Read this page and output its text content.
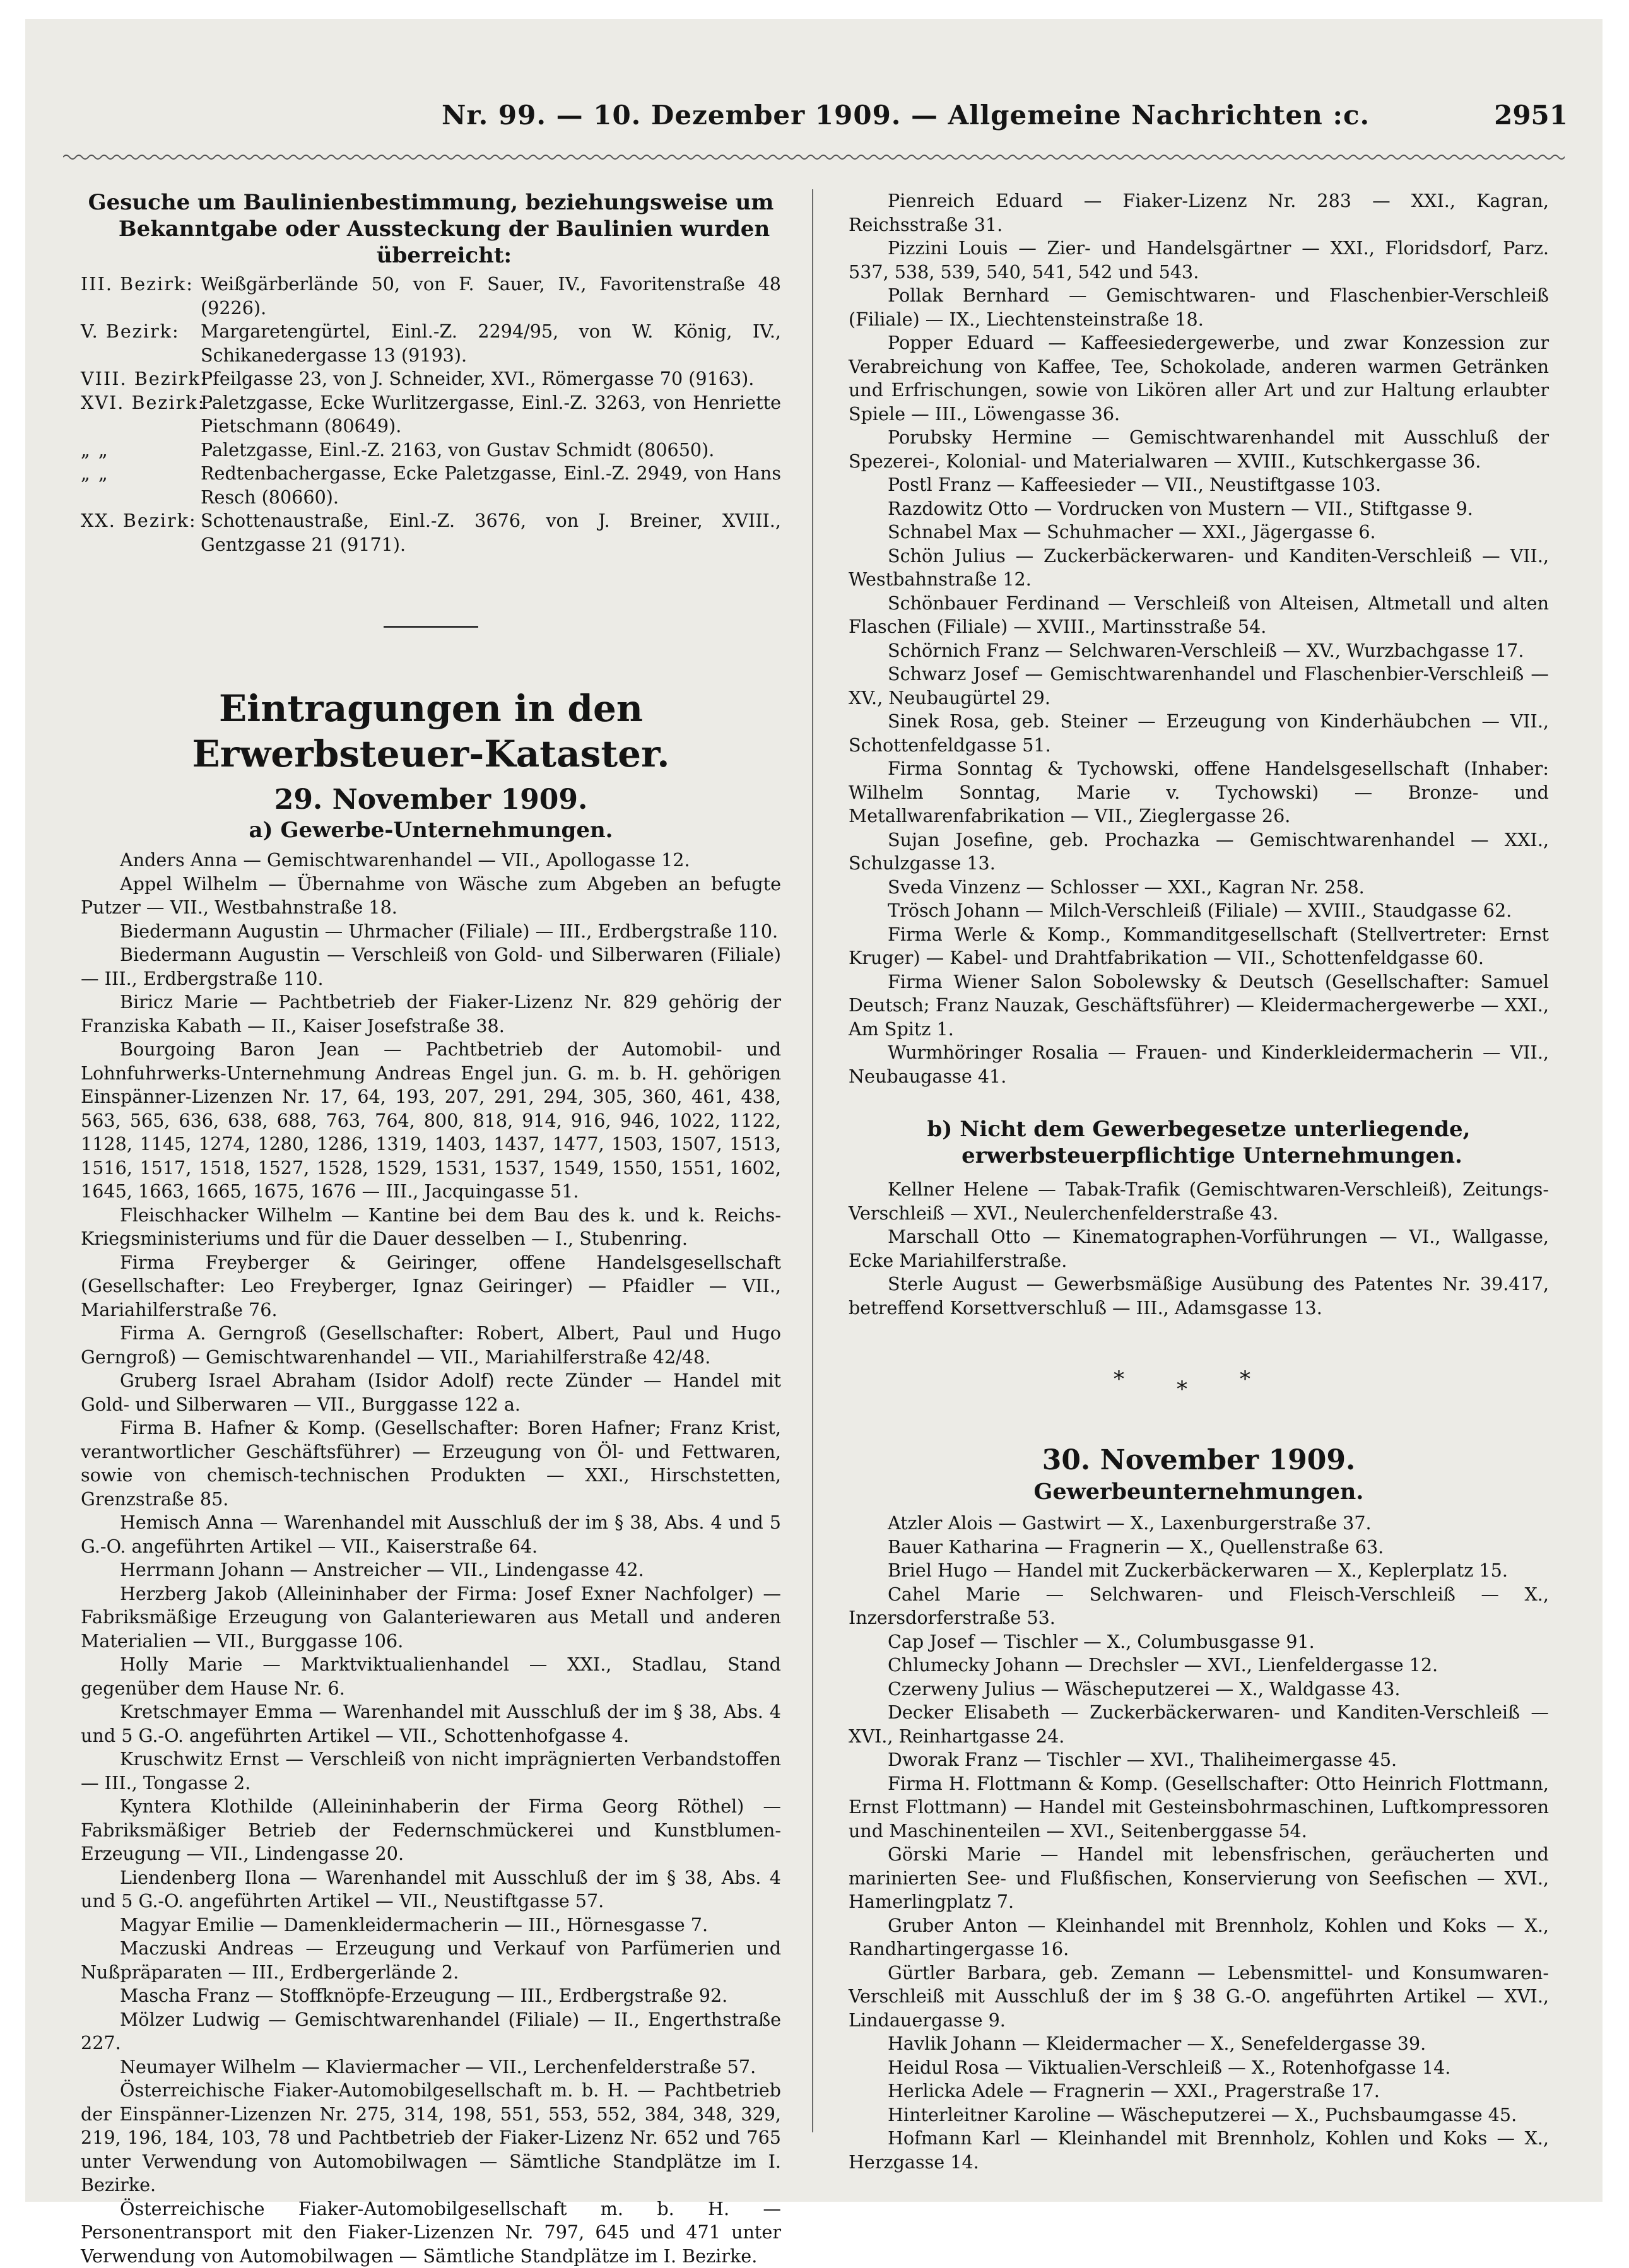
Nr. 99. — 10. Dezember 1909. — Allgemeine Nachrichten :c.	2951

Gesuche um Baulinienbestimmung, beziehungsweise um Bekanntgabe oder Aussteckung der Baulinien wurden überreicht:

III. Bezirk: Weißgärberlände 50, von F. Sauer, IV., Favoritenstraße 48 (9226).
V. Bezirk:	Margaretengürtel, Einl.-Z. 2294/95, von W. König, IV., Schikanedergasse 13 (9193).
VIII. Bezirk:
Pfeilgasse 23, von J. Schneider, XVI., Römergasse 70 (9163).
XVI. Bezirk:
Paletzgasse, Ecke Wurlitzergasse, Einl.-Z. 3263, von Henriette Pietschmann (80649).
„ „	Paletzgasse, Einl.-Z. 2163, von Gustav Schmidt (80650).
„ „	Redtenbachergasse, Ecke Paletzgasse, Einl.-Z. 2949, von Hans Resch (80660).
XX. Bezirk: Schottenaustraße, Einl.-Z. 3676, von J. Breiner, XVIII., Gentzgasse 21 (9171).

Eintragungen in den Erwerbsteuer-Kataster.

29. November 1909.

a) Gewerbe-Unternehmungen.

Anders Anna — Gemischtwarenhandel — VII., Apollogasse 12.

Appel Wilhelm — Übernahme von Wäsche zum Abgeben an befugte Putzer — VII., Westbahnstraße 18.

Biedermann Augustin — Uhrmacher (Filiale) — III., Erdbergstraße 110.

Biedermann Augustin — Verschleiß von Gold- und Silberwaren (Filiale) — III., Erdbergstraße 110.

Biricz Marie — Pachtbetrieb der Fiaker-Lizenz Nr. 829 gehörig der Franziska Kabath — II., Kaiser Josefstraße 38.

Bourgoing Baron Jean — Pachtbetrieb der Automobil- und Lohnfuhrwerks-Unternehmung Andreas Engel jun. G. m. b. H. gehörigen Einspänner-Lizenzen Nr. 17, 64, 193, 207, 291, 294, 305, 360, 461, 438, 563, 565, 636, 638, 688, 763, 764, 800, 818, 914, 916, 946, 1022, 1122, 1128, 1145, 1274, 1280, 1286, 1319, 1403, 1437, 1477, 1503, 1507, 1513, 1516, 1517, 1518, 1527, 1528, 1529, 1531, 1537, 1549, 1550, 1551, 1602, 1645, 1663, 1665, 1675, 1676 — III., Jacquingasse 51.

Fleischhacker Wilhelm — Kantine bei dem Bau des k. und k. Reichs-Kriegsministeriums und für die Dauer desselben — I., Stubenring.

Firma Freyberger & Geiringer, offene Handelsgesellschaft (Gesellschafter: Leo Freyberger, Ignaz Geiringer) — Pfaidler — VII., Mariahilferstraße 76.

Firma A. Gerngroß (Gesellschafter: Robert, Albert, Paul und Hugo Gerngroß) — Gemischtwarenhandel — VII., Mariahilferstraße 42/48.

Gruberg Israel Abraham (Isidor Adolf) recte Zünder — Handel mit Gold- und Silberwaren — VII., Burggasse 122 a.

Firma B. Hafner & Komp. (Gesellschafter: Boren Hafner; Franz Krist, verantwortlicher Geschäftsführer) — Erzeugung von Öl- und Fettwaren, sowie von chemisch-technischen Produkten — XXI., Hirschstetten, Grenzstraße 85.

Hemisch Anna — Warenhandel mit Ausschluß der im § 38, Abs. 4 und 5 G.-O. angeführten Artikel — VII., Kaiserstraße 64.

Herrmann Johann — Anstreicher — VII., Lindengasse 42.

Herzberg Jakob (Alleininhaber der Firma: Josef Exner Nachfolger) — Fabriksmäßige Erzeugung von Galanteriewaren aus Metall und anderen Materialien — VII., Burggasse 106.

Holly Marie — Marktviktualienhandel — XXI., Stadlau, Stand gegenüber dem Hause Nr. 6.

Kretschmayer Emma — Warenhandel mit Ausschluß der im § 38, Abs. 4 und 5 G.-O. angeführten Artikel — VII., Schottenhofgasse 4.

Kruschwitz Ernst — Verschleiß von nicht imprägnierten Verbandstoffen — III., Tongasse 2.

Kyntera Klothilde (Alleininhaberin der Firma Georg Röthel) — Fabriksmäßiger Betrieb der Federnschmückerei und Kunstblumen-Erzeugung — VII., Lindengasse 20.

Liendenberg Ilona — Warenhandel mit Ausschluß der im § 38, Abs. 4 und 5 G.-O. angeführten Artikel — VII., Neustiftgasse 57.

Magyar Emilie — Damenkleidermacherin — III., Hörnesgasse 7.

Maczuski Andreas — Erzeugung und Verkauf von Parfümerien und Nußpräparaten — III., Erdbergerlände 2.

Mascha Franz — Stoffknöpfe-Erzeugung — III., Erdbergstraße 92.

Mölzer Ludwig — Gemischtwarenhandel (Filiale) — II., Engerthstraße 227.

Neumayer Wilhelm — Klaviermacher — VII., Lerchenfelderstraße 57.

Österreichische Fiaker-Automobilgesellschaft m. b. H. — Pachtbetrieb der Einspänner-Lizenzen Nr. 275, 314, 198, 551, 553, 552, 384, 348, 329, 219, 196, 184, 103, 78 und Pachtbetrieb der Fiaker-Lizenz Nr. 652 und 765 unter Verwendung von Automobilwagen — Sämtliche Standplätze im I. Bezirke.

Österreichische Fiaker-Automobilgesellschaft m. b. H. — Personentransport mit den Fiaker-Lizenzen Nr. 797, 645 und 471 unter Verwendung von Automobilwagen — Sämtliche Standplätze im I. Bezirke.

Pienreich Eduard — Fiaker-Lizenz Nr. 283 — XXI., Kagran, Reichsstraße 31.

Pizzini Louis — Zier- und Handelsgärtner — XXI., Floridsdorf, Parz. 537, 538, 539, 540, 541, 542 und 543.

Pollak Bernhard — Gemischtwaren- und Flaschenbier-Verschleiß (Filiale) — IX., Liechtensteinstraße 18.

Popper Eduard — Kaffeesiedergewerbe, und zwar Konzession zur Verabreichung von Kaffee, Tee, Schokolade, anderen warmen Getränken und Erfrischungen, sowie von Likören aller Art und zur Haltung erlaubter Spiele — III., Löwengasse 36.

Porubsky Hermine — Gemischtwarenhandel mit Ausschluß der Spezerei-, Kolonial- und Materialwaren — XVIII., Kutschkergasse 36.

Postl Franz — Kaffeesieder — VII., Neustiftgasse 103.

Razdowitz Otto — Vordrucken von Mustern — VII., Stiftgasse 9.

Schnabel Max — Schuhmacher — XXI., Jägergasse 6.

Schön Julius — Zuckerbäckerwaren- und Kanditen-Verschleiß — VII., Westbahnstraße 12.

Schönbauer Ferdinand — Verschleiß von Alteisen, Altmetall und alten Flaschen (Filiale) — XVIII., Martinsstraße 54.

Schörnich Franz — Selchwaren-Verschleiß — XV., Wurzbachgasse 17.

Schwarz Josef — Gemischtwarenhandel und Flaschenbier-Verschleiß — XV., Neubaugürtel 29.

Sinek Rosa, geb. Steiner — Erzeugung von Kinderhäubchen — VII., Schottenfeldgasse 51.

Firma Sonntag & Tychowski, offene Handelsgesellschaft (Inhaber: Wilhelm Sonntag, Marie v. Tychowski) — Bronze- und Metallwarenfabrikation — VII., Zieglergasse 26.

Sujan Josefine, geb. Prochazka — Gemischtwarenhandel — XXI., Schulzgasse 13.

Sveda Vinzenz — Schlosser — XXI., Kagran Nr. 258.

Trösch Johann — Milch-Verschleiß (Filiale) — XVIII., Staudgasse 62.

Firma Werle & Komp., Kommanditgesellschaft (Stellvertreter: Ernst Kruger) — Kabel- und Drahtfabrikation — VII., Schottenfeldgasse 60.

Firma Wiener Salon Sobolewsky & Deutsch (Gesellschafter: Samuel Deutsch; Franz Nauzak, Geschäftsführer) — Kleidermachergewerbe — XXI., Am Spitz 1.

Wurmhöringer Rosalia — Frauen- und Kinderkleidermacherin — VII., Neubaugasse 41.

b) Nicht dem Gewerbegesetze unterliegende, erwerbsteuerpflichtige Unternehmungen.

Kellner Helene — Tabak-Trafik (Gemischtwaren-Verschleiß), Zeitungs-Verschleiß — XVI., Neulerchenfelderstraße 43.

Marschall Otto — Kinematographen-Vorführungen — VI., Wallgasse, Ecke Mariahilferstraße.

Sterle August — Gewerbsmäßige Ausübung des Patentes Nr. 39.417, betreffend Korsettverschluß — III., Adamsgasse 13.

* * *

30. November 1909.

Gewerbeunternehmungen.

Atzler Alois — Gastwirt — X., Laxenburgerstraße 37.

Bauer Katharina — Fragnerin — X., Quellenstraße 63.

Briel Hugo — Handel mit Zuckerbäckerwaren — X., Keplerplatz 15.

Cahel Marie — Selchwaren- und Fleisch-Verschleiß — X., Inzersdorferstraße 53.

Cap Josef — Tischler — X., Columbusgasse 91.

Chlumecky Johann — Drechsler — XVI., Lienfeldergasse 12.

Czerweny Julius — Wäscheputzerei — X., Waldgasse 43.

Decker Elisabeth — Zuckerbäckerwaren- und Kanditen-Verschleiß — XVI., Reinhartgasse 24.

Dworak Franz — Tischler — XVI., Thaliheimergasse 45.

Firma H. Flottmann & Komp. (Gesellschafter: Otto Heinrich Flottmann, Ernst Flottmann) — Handel mit Gesteinsbohrmaschinen, Luftkompressoren und Maschinenteilen — XVI., Seitenberggasse 54.

Görski Marie — Handel mit lebensfrischen, geräucherten und marinierten See- und Flußfischen, Konservierung von Seefischen — XVI., Hamerlingplatz 7.

Gruber Anton — Kleinhandel mit Brennholz, Kohlen und Koks — X., Randhartingergasse 16.

Gürtler Barbara, geb. Zemann — Lebensmittel- und Konsumwaren-Verschleiß mit Ausschluß der im § 38 G.-O. angeführten Artikel — XVI., Lindauergasse 9.

Havlik Johann — Kleidermacher — X., Senefeldergasse 39.

Heidul Rosa — Viktualien-Verschleiß — X., Rotenhofgasse 14.

Herlicka Adele — Fragnerin — XXI., Pragerstraße 17.

Hinterleitner Karoline — Wäscheputzerei — X., Puchsbaumgasse 45.

Hofmann Karl — Kleinhandel mit Brennholz, Kohlen und Koks — X., Herzgasse 14.
